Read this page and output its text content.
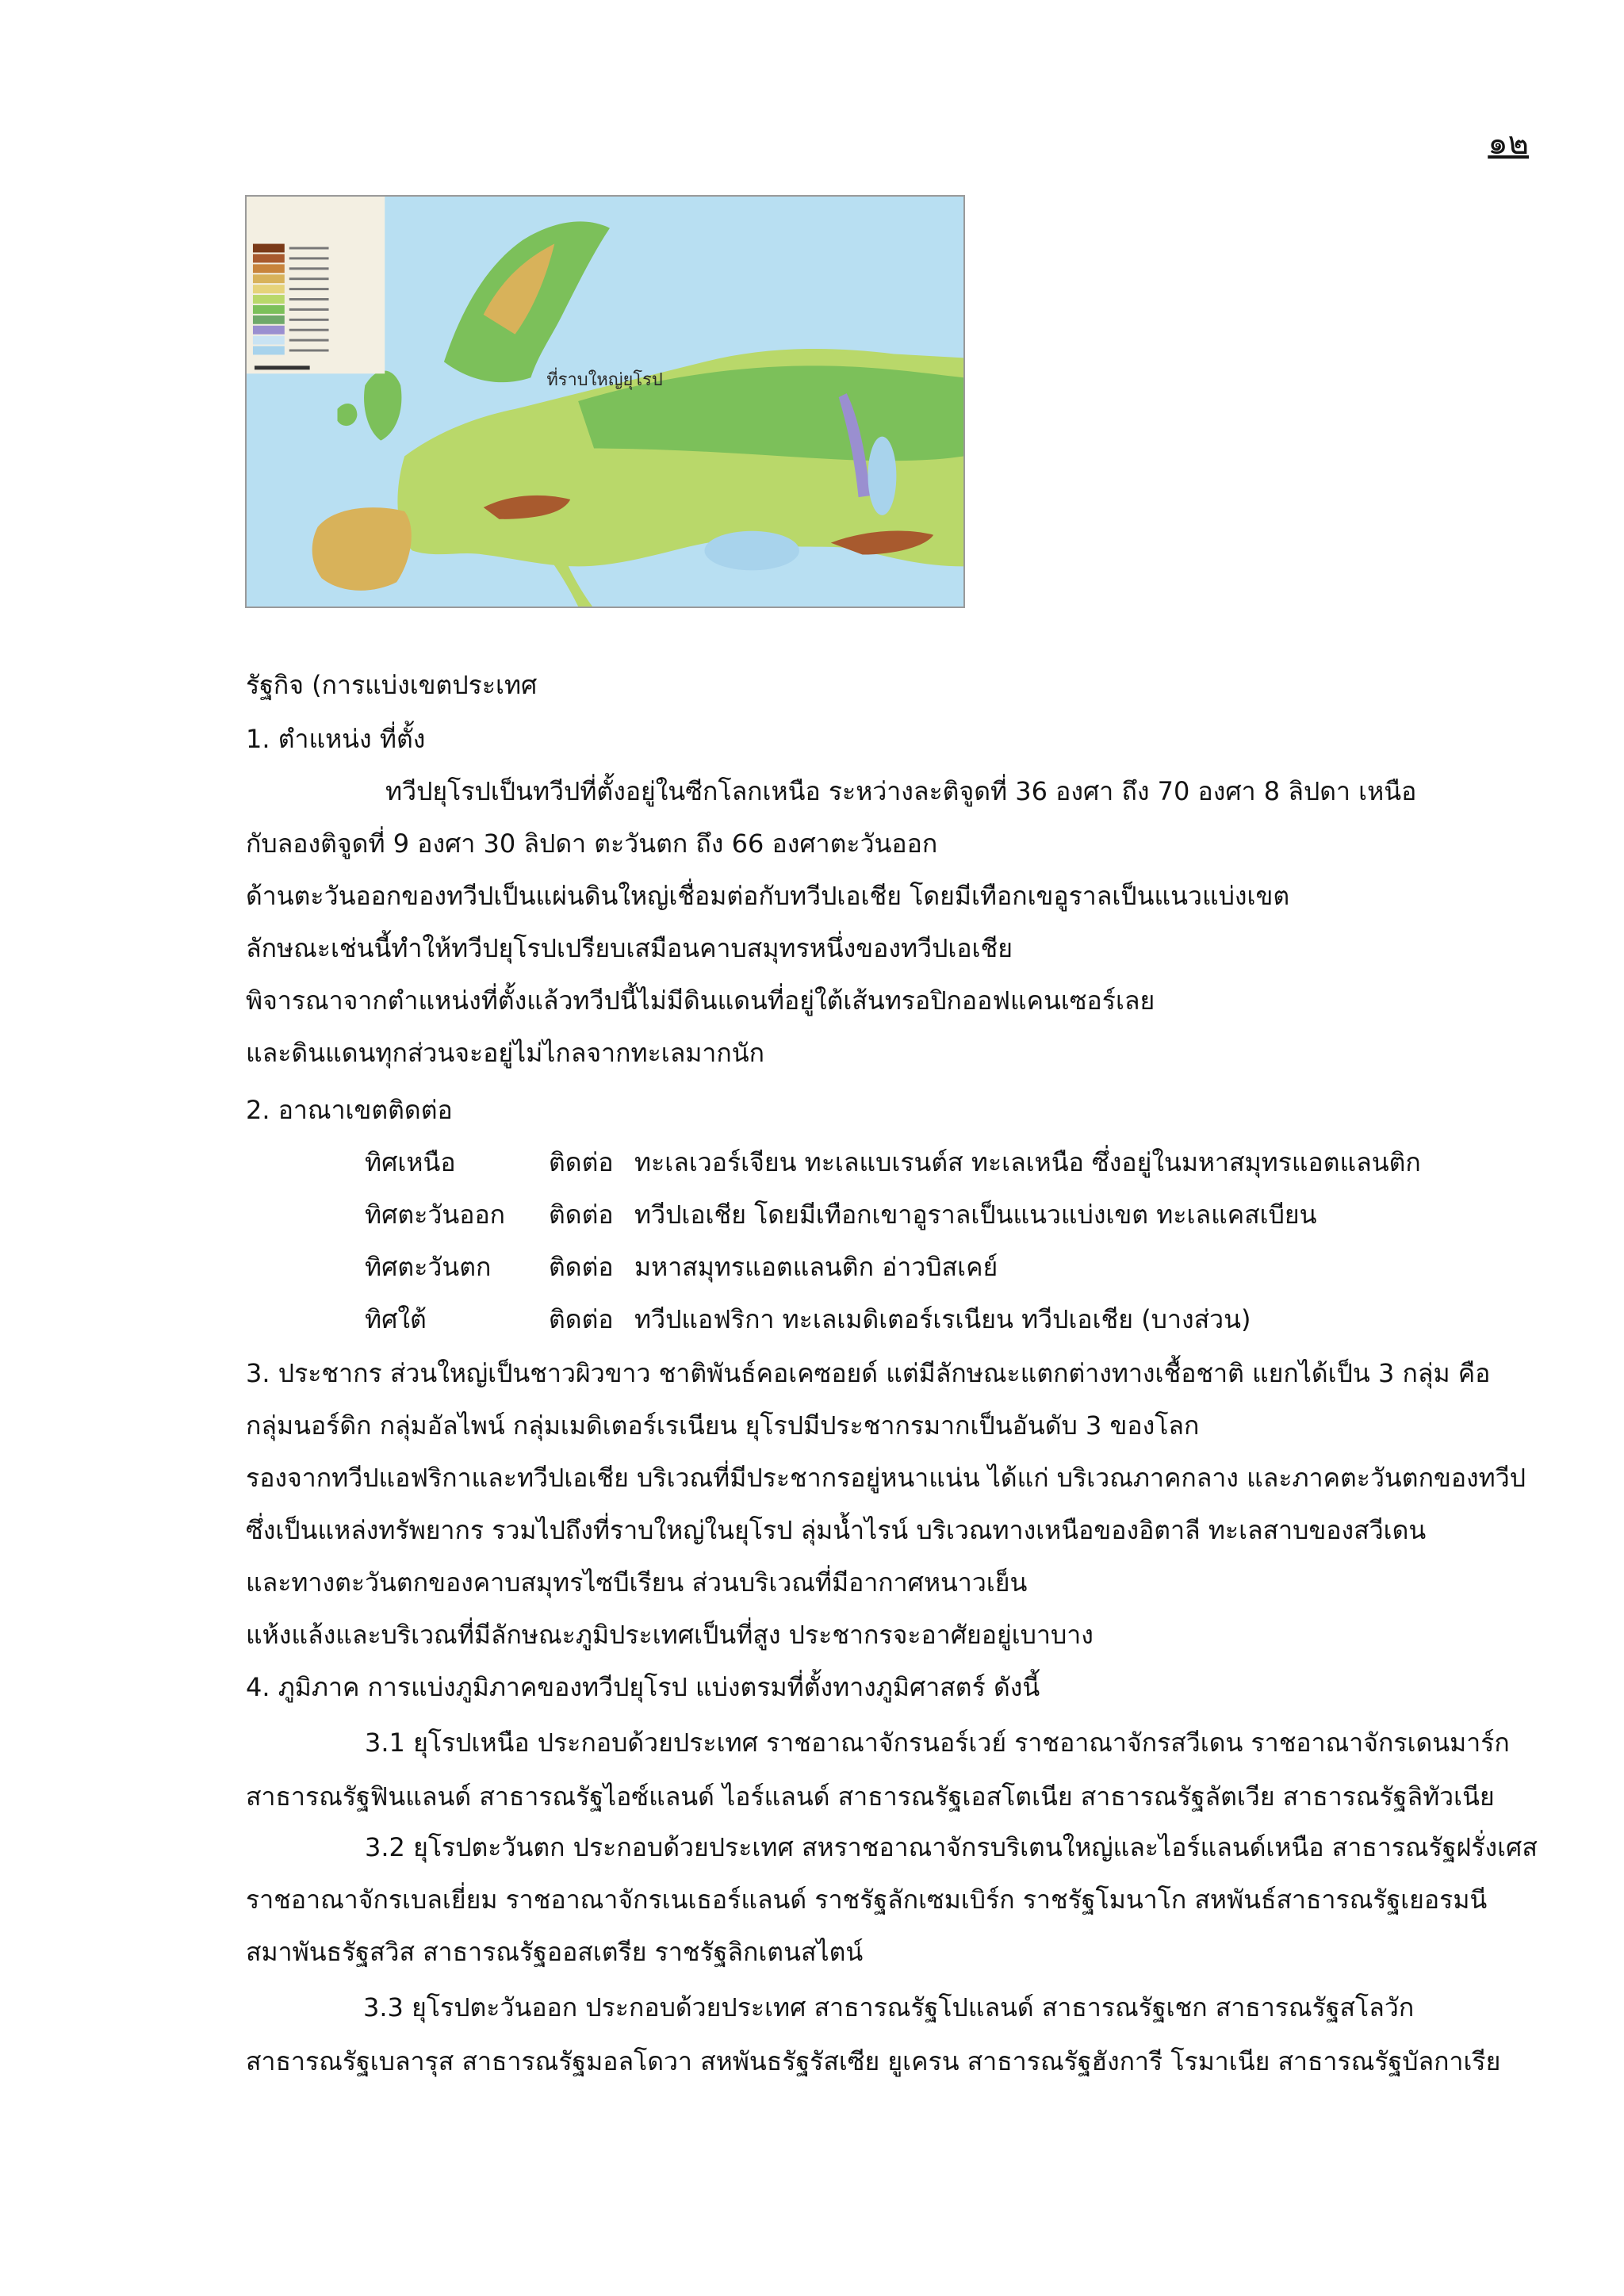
๑๒
ที่ราบใหญ่ยุโรป
รัฐกิจ (การแบ่งเขตประเทศ
1. ตำแหน่ง ที่ตั้ง
ทวีปยุโรปเป็นทวีปที่ตั้งอยู่ในซีกโลกเหนือ ระหว่างละติจูดที่ 36 องศา ถึง 70 องศา 8 ลิปดา เหนือ
กับลองติจูดที่ 9 องศา 30 ลิปดา ตะวันตก ถึง 66 องศาตะวันออก
ด้านตะวันออกของทวีปเป็นแผ่นดินใหญ่เชื่อมต่อกับทวีปเอเชีย โดยมีเทือกเขอูราลเป็นแนวแบ่งเขต
ลักษณะเช่นนี้ทำให้ทวีปยุโรปเปรียบเสมือนคาบสมุทรหนึ่งของทวีปเอเชีย
พิจารณาจากตำแหน่งที่ตั้งแล้วทวีปนี้ไม่มีดินแดนที่อยู่ใต้เส้นทรอปิกออฟแคนเซอร์เลย
และดินแดนทุกส่วนจะอยู่ไม่ไกลจากทะเลมากนัก
2. อาณาเขตติดต่อ
ทิศเหนือ	ติดต่อ ทะเลเวอร์เจียน ทะเลแบเรนต์ส ทะเลเหนือ ซึ่งอยู่ในมหาสมุทรแอตแลนติก
ทิศตะวันออก ติดต่อ ทวีปเอเชีย โดยมีเทือกเขาอูราลเป็นแนวแบ่งเขต ทะเลแคสเบียน
ทิศตะวันตก ติดต่อ มหาสมุทรแอตแลนติก อ่าวบิสเคย์
ทิศใต้	ติดต่อ ทวีปแอฟริกา ทะเลเมดิเตอร์เรเนียน ทวีปเอเชีย (บางส่วน)
3. ประชากร ส่วนใหญ่เป็นชาวผิวขาว ชาติพันธ์คอเคซอยด์ แต่มีลักษณะแตกต่างทางเชื้อชาติ แยกได้เป็น 3 กลุ่ม คือ
กลุ่มนอร์ดิก กลุ่มอัลไพน์ กลุ่มเมดิเตอร์เรเนียน ยุโรปมีประชากรมากเป็นอันดับ 3 ของโลก
รองจากทวีปแอฟริกาและทวีปเอเชีย บริเวณที่มีประชากรอยู่หนาแน่น ได้แก่ บริเวณภาคกลาง และภาคตะวันตกของทวีป
ซึ่งเป็นแหล่งทรัพยากร รวมไปถึงที่ราบใหญ่ในยุโรป ลุ่มน้ำไรน์ บริเวณทางเหนือของอิตาลี ทะเลสาบของสวีเดน
และทางตะวันตกของคาบสมุทรไซบีเรียน ส่วนบริเวณที่มีอากาศหนาวเย็น
แห้งแล้งและบริเวณที่มีลักษณะภูมิประเทศเป็นที่สูง ประชากรจะอาศัยอยู่เบาบาง
4. ภูมิภาค การแบ่งภูมิภาคของทวีปยุโรป แบ่งตรมที่ตั้งทางภูมิศาสตร์ ดังนี้
3.1 ยุโรปเหนือ ประกอบด้วยประเทศ ราชอาณาจักรนอร์เวย์ ราชอาณาจักรสวีเดน ราชอาณาจักรเดนมาร์ก
สาธารณรัฐฟินแลนด์ สาธารณรัฐไอซ์แลนด์ ไอร์แลนด์ สาธารณรัฐเอสโตเนีย สาธารณรัฐลัตเวีย สาธารณรัฐลิทัวเนีย
3.2 ยุโรปตะวันตก ประกอบด้วยประเทศ สหราชอาณาจักรบริเตนใหญ่และไอร์แลนด์เหนือ สาธารณรัฐฝรั่งเศส
ราชอาณาจักรเบลเยี่ยม ราชอาณาจักรเนเธอร์แลนด์ ราชรัฐลักเซมเบิร์ก ราชรัฐโมนาโก สหพันธ์สาธารณรัฐเยอรมนี
สมาพันธรัฐสวิส สาธารณรัฐออสเตรีย ราชรัฐลิกเตนสไตน์
3.3 ยุโรปตะวันออก ประกอบด้วยประเทศ สาธารณรัฐโปแลนด์ สาธารณรัฐเชก สาธารณรัฐสโลวัก
สาธารณรัฐเบลารุส สาธารณรัฐมอลโดวา สหพันธรัฐรัสเซีย ยูเครน สาธารณรัฐฮังการี โรมาเนีย สาธารณรัฐบัลกาเรีย
